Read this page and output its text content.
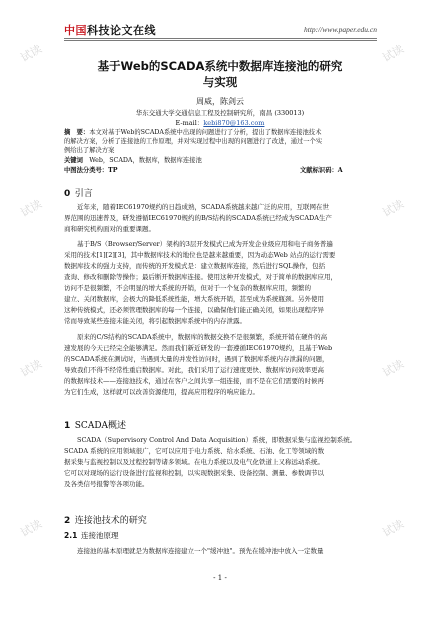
中国科技论文在线	http://www.paper.edu.cn
试读	试读
试读	试读
试读	试读
试读	试读
基于Web的SCADA系统中数据库连接池的研究
与实现
周威，陈剑云
华东交通大学交通信息工程及控制研究所，南昌 (330013)
E-mail：kebi870@163.com
摘　要：本文对基于Web的SCADA系统中出现的问题进行了分析，提出了数据库连接池技术
的解决方案，分析了连接池的工作原理，并对实现过程中出现的问题进行了改进，通过一个实
例给出了解决方案
关键词  Web，SCADA，数据库，数据库连接池
中图法分类号：TP	文献标识码：A
0  引言
近年来，随着IEC61970规约的日趋成熟，SCADA系统越来越广泛的应用，互联网在世
界范围的迅速普及，研发遵循IEC61970规约的B/S结构的SCADA系统已经成为SCADA生产
商和研究机构面对的重要课题。
基于B/S（Browser/Server）架构的3层开发模式已成为开发企业级应用和电子商务普遍
采用的技术[1][2][3]，其中数据库技术的地位也是越来越重要，因为动态Web 站点的运行需要
数据库技术的强力支持，而传统的开发模式是：建立数据库连接，然后进行SQL操作，包括
查询、修改和删除等操作；最后断开数据库连接。使用这种开发模式，对于简单的数据库应用，
访问不是很频繁，不会明显的增大系统的开销，但对于一个复杂的数据库应用，频繁的
建立、关闭数据库，会极大的降低系统性能，增大系统开销，甚至成为系统瓶颈。另外使用
这种传统模式，还必须管理数据库的每一个连接，以确保他们能正确关闭，如果出现程序异
常而导致某些连接未能关闭，将引起数据库系统中的内存泄露。
原来的C/S结构的SCADA系统中，数据库的数据交换不是很频繁，系统开销在硬件的高
速发展的今天已经完全能够满足。然而我们新近研发的一套遵循IEC61970规约，且基于Web
的SCADA系统在测试时，当遇到大量的并发性访问时，遇到了数据库系统内存泄漏的问题，
导致我们不得不经常性重启数据库。对此，我们采用了运行速度更快、数据库访问效率更高
的数据库技术——连接池技术，通过在客户之间共享一组连接，而不是在它们需要的时候再
为它们生成，这样就可以改善资源使用，提高应用程序的响应能力。
1  SCADA概述
SCADA（Supervisory Control And Data Acquisition）系统，即数据采集与监视控制系统。
SCADA 系统的应用领域很广，它可以应用于电力系统、给水系统、石油、化工等领域的数
据采集与监视控制以及过程控制等诸多领域。在电力系统以及电气化铁道上又称远动系统。
它可以对现场的运行设备进行监视和控制，以实现数据采集、设备控制、测量、参数调节以
及各类信号报警等各项功能。
2  连接池技术的研究
2.1  连接池原理
连接池的基本原理就是为数据库连接建立一个"缓冲池"。预先在缓冲池中放入一定数量
- 1 -
